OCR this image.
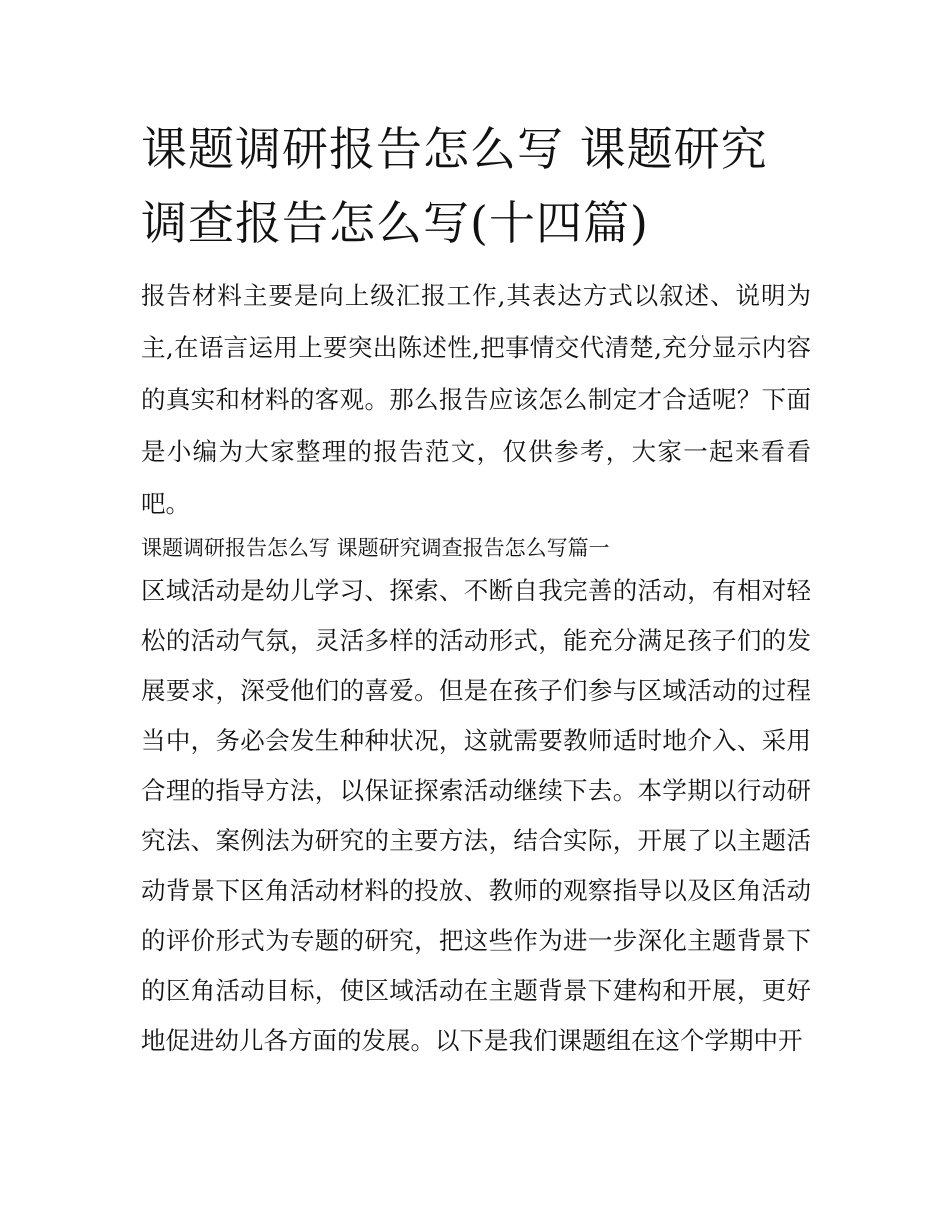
课题调研报告怎么写 课题研究调查报告怎么写(十四篇)

报告材料主要是向上级汇报工作,其表达方式以叙述、说明为主,在语言运用上要突出陈述性,把事情交代清楚,充分显示内容的真实和材料的客观。那么报告应该怎么制定才合适呢？下面是小编为大家整理的报告范文，仅供参考，大家一起来看看吧。

课题调研报告怎么写 课题研究调查报告怎么写篇一

区域活动是幼儿学习、探索、不断自我完善的活动，有相对轻松的活动气氛，灵活多样的活动形式，能充分满足孩子们的发展要求，深受他们的喜爱。但是在孩子们参与区域活动的过程当中，务必会发生种种状况，这就需要教师适时地介入、采用合理的指导方法，以保证探索活动继续下去。本学期以行动研究法、案例法为研究的主要方法，结合实际，开展了以主题活动背景下区角活动材料的投放、教师的观察指导以及区角活动的评价形式为专题的研究，把这些作为进一步深化主题背景下的区角活动目标，使区域活动在主题背景下建构和开展，更好地促进幼儿各方面的发展。以下是我们课题组在这个学期中开
